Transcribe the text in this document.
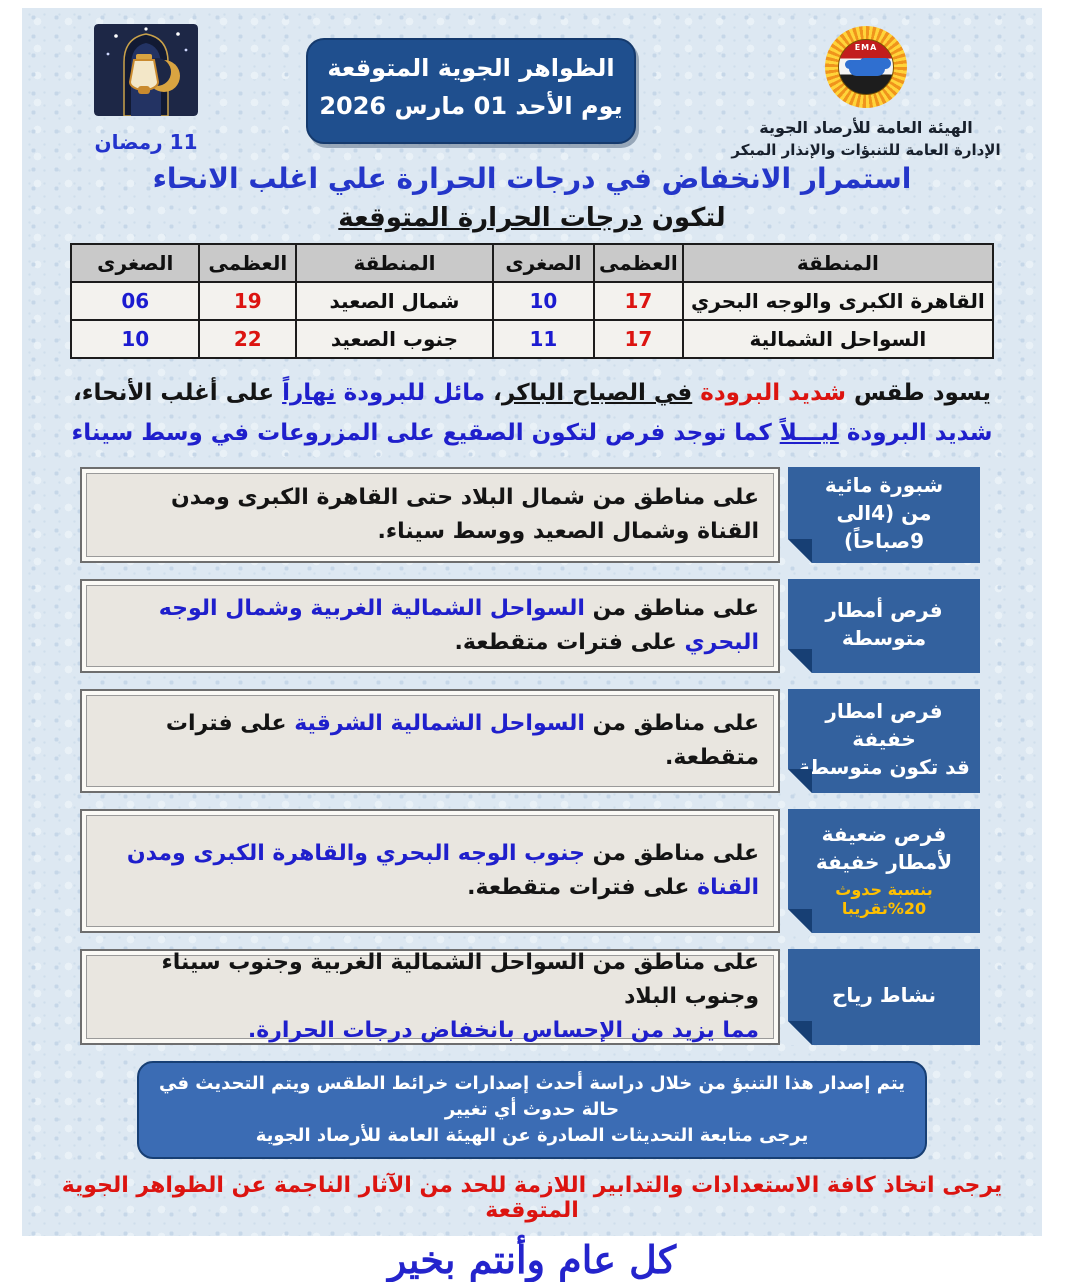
EMA
الهيئة العامة للأرصاد الجوية
الإدارة العامة للتنبؤات والإنذار المبكر
الظواهر الجوية المتوقعة
يوم الأحد 01 مارس 2026
11 رمضان
استمرار الانخفاض في درجات الحرارة علي اغلب الانحاء
لتكون درجات الحرارة المتوقعة
المنطقة	العظمى	الصغرى	المنطقة	العظمى	الصغرى
القاهرة الكبرى والوجه البحري	17	10	شمال الصعيد	19	06
السواحل الشمالية	17	11	جنوب الصعيد	22	10
يسود طقس شديد البرودة في الصباح الباكر، مائل للبرودة نهاراً على أغلب الأنحاء،
شديد البرودة ليـــلاً كما توجد فرص لتكون الصقيع على المزروعات في وسط سيناء
شبورة مائية
من (4الى 9صباحاً)
على مناطق من شمال البلاد حتى القاهرة الكبرى ومدن القناة وشمال الصعيد ووسط سيناء.
فرص أمطار متوسطة
على مناطق من السواحل الشمالية الغربية وشمال الوجه البحري على فترات متقطعة.
فرص امطار خفيفة
قد تكون متوسطة
على مناطق من السواحل الشمالية الشرقية على فترات متقطعة.
فرص ضعيفة
لأمطار خفيفة
بنسبة حدوث 20%تقريبا
على مناطق من جنوب الوجه البحري والقاهرة الكبرى ومدن القناة على فترات متقطعة.
نشاط رياح
على مناطق من السواحل الشمالية الغربية وجنوب سيناء وجنوب البلاد
مما يزيد من الإحساس بانخفاض درجات الحرارة.
يتم إصدار هذا التنبؤ من خلال دراسة أحدث إصدارات خرائط الطقس ويتم التحديث في حالة حدوث أي تغيير
يرجى متابعة التحديثات الصادرة عن الهيئة العامة للأرصاد الجوية
يرجى اتخاذ كافة الاستعدادات والتدابير اللازمة للحد من الآثار الناجمة عن الظواهر الجوية المتوقعة
كل عام وأنتم بخير
